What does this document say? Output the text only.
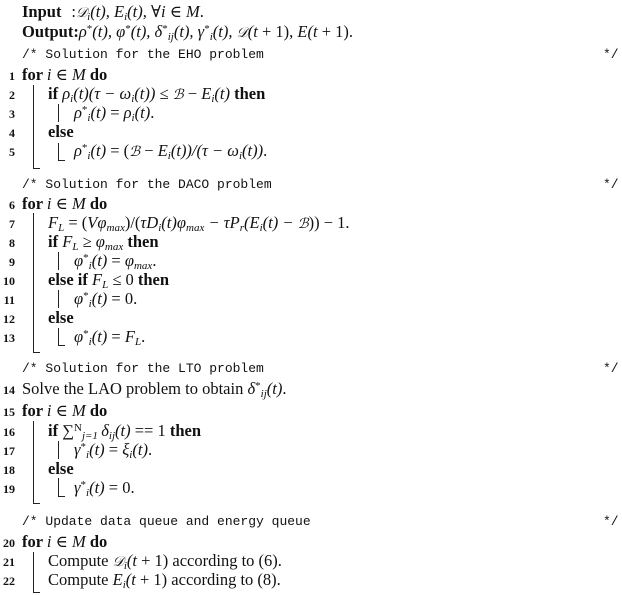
Input   :𝒟i(t), Ei(t), ∀i ∈ M.
Output:ρ*(t), φ*(t), δ*ij(t), γ*i(t), 𝒟(t + 1), E(t + 1).
/* Solution for the EHO problem	*/
1 for i ∈ M do
2 if ρi(t)(τ − ωi(t)) ≤ ℬ − Ei(t) then
3	ρ*i(t) = ρi(t).
4 else
5	ρ*i(t) = (ℬ − Ei(t))/(τ − ωi(t)).
/* Solution for the DACO problem	*/
6 for i ∈ M do
7 FL = (Vφmax)/(τDi(t)φmax − τPr(Ei(t) − ℬ)) − 1.
8 if FL ≥ φmax then
9	φ*i(t) = φmax.
10 else if FL ≤ 0 then
11	φ*i(t) = 0.
12 else
13	φ*i(t) = FL.
/* Solution for the LTO problem	*/
14 Solve the LAO problem to obtain δ*ij(t).
15 for i ∈ M do
16 if ∑$^N$j=1 δij(t) == 1 then
17	γ*i(t) = ξi(t).
18 else
19	γ*i(t) = 0.
/* Update data queue and energy queue	*/
20 for i ∈ M do
21 Compute 𝒟i(t + 1) according to (6).
22 Compute Ei(t + 1) according to (8).
